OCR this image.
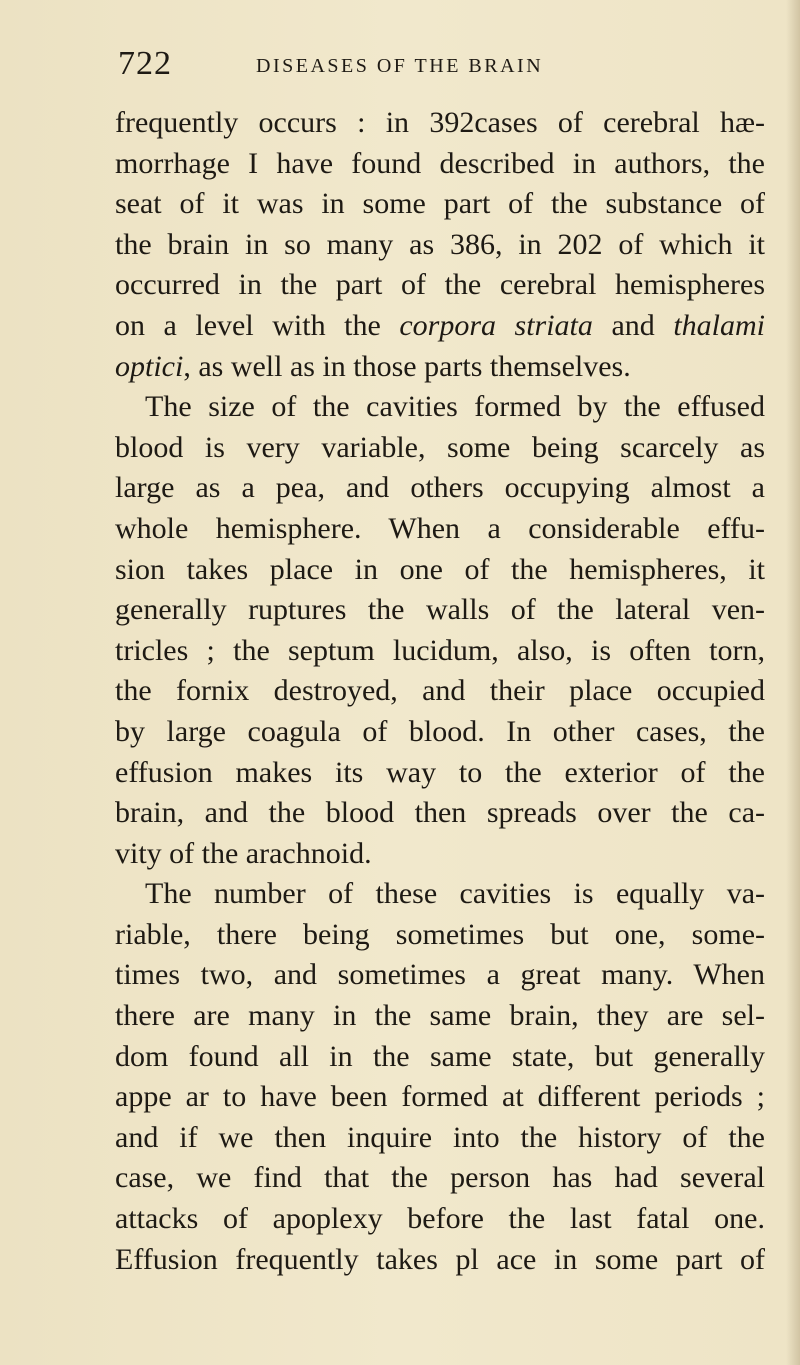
722	DISEASES OF THE BRAIN
frequently occurs : in 392cases of cerebral hæ-
morrhage I have found described in authors, the
seat of it was in some part of the substance of
the brain in so many as 386, in 202 of which it
occurred in the part of the cerebral hemispheres
on a level with the corpora striata and thalami
optici, as well as in those parts themselves.
The size of the cavities formed by the effused
blood is very variable, some being scarcely as
large as a pea, and others occupying almost a
whole hemisphere. When a considerable effu-
sion takes place in one of the hemispheres, it
generally ruptures the walls of the lateral ven-
tricles ; the septum lucidum, also, is often torn,
the fornix destroyed, and their place occupied
by large coagula of blood. In other cases, the
effusion makes its way to the exterior of the
brain, and the blood then spreads over the ca-
vity of the arachnoid.
The number of these cavities is equally va-
riable, there being sometimes but one, some-
times two, and sometimes a great many. When
there are many in the same brain, they are sel-
dom found all in the same state, but generally
appe ar to have been formed at different periods ;
and if we then inquire into the history of the
case, we find that the person has had several
attacks of apoplexy before the last fatal one.
Effusion frequently takes pl ace in some part of
